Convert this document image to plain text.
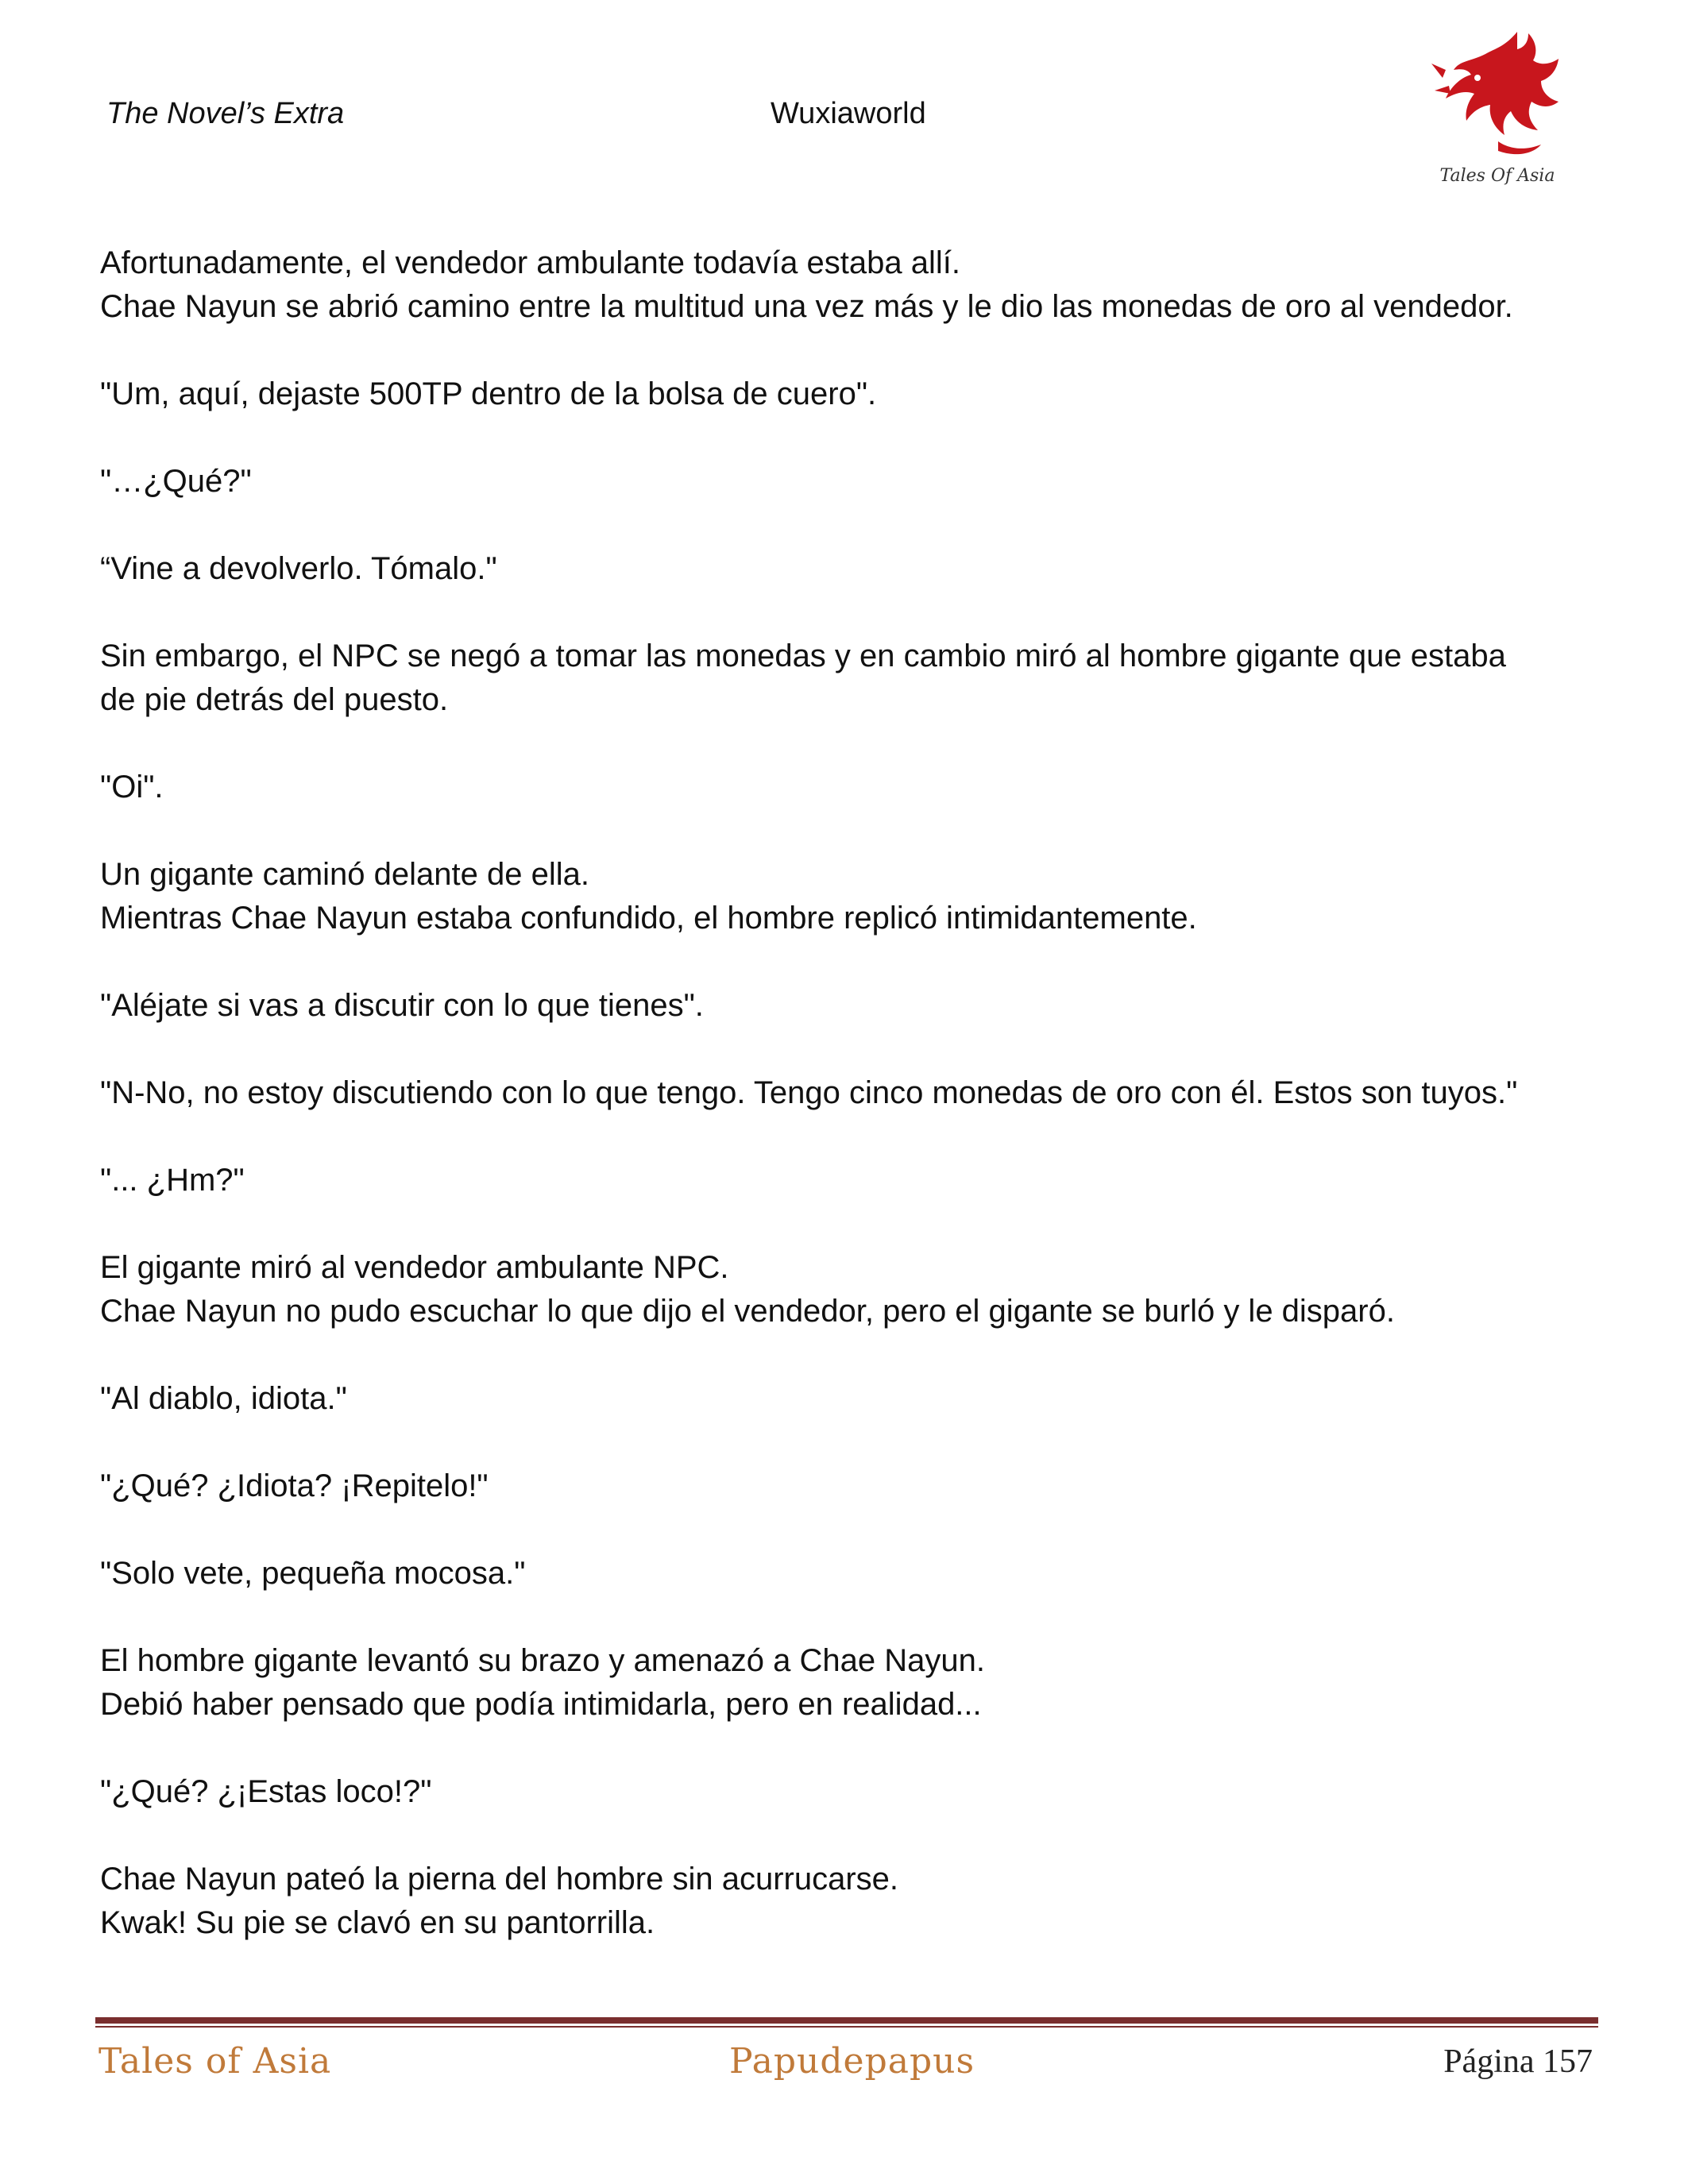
The Novel’s Extra	Wuxiaworld
Tales Of Asia

Afortunadamente, el vendedor ambulante todavía estaba allí.
Chae Nayun se abrió camino entre la multitud una vez más y le dio las monedas de oro al vendedor.

"Um, aquí, dejaste 500TP dentro de la bolsa de cuero".

"…¿Qué?"

“Vine a devolverlo. Tómalo."

Sin embargo, el NPC se negó a tomar las monedas y en cambio miró al hombre gigante que estaba
de pie detrás del puesto.

"Oi".

Un gigante caminó delante de ella.
Mientras Chae Nayun estaba confundido, el hombre replicó intimidantemente.

"Aléjate si vas a discutir con lo que tienes".

"N-No, no estoy discutiendo con lo que tengo. Tengo cinco monedas de oro con él. Estos son tuyos."

"... ¿Hm?"

El gigante miró al vendedor ambulante NPC.
Chae Nayun no pudo escuchar lo que dijo el vendedor, pero el gigante se burló y le disparó.

"Al diablo, idiota."

"¿Qué? ¿Idiota? ¡Repitelo!"

"Solo vete, pequeña mocosa."

El hombre gigante levantó su brazo y amenazó a Chae Nayun.
Debió haber pensado que podía intimidarla, pero en realidad...

"¿Qué? ¿¡Estas loco!?"

Chae Nayun pateó la pierna del hombre sin acurrucarse.
Kwak! Su pie se clavó en su pantorrilla.

Tales of Asia	Papudepapus	Página 157
